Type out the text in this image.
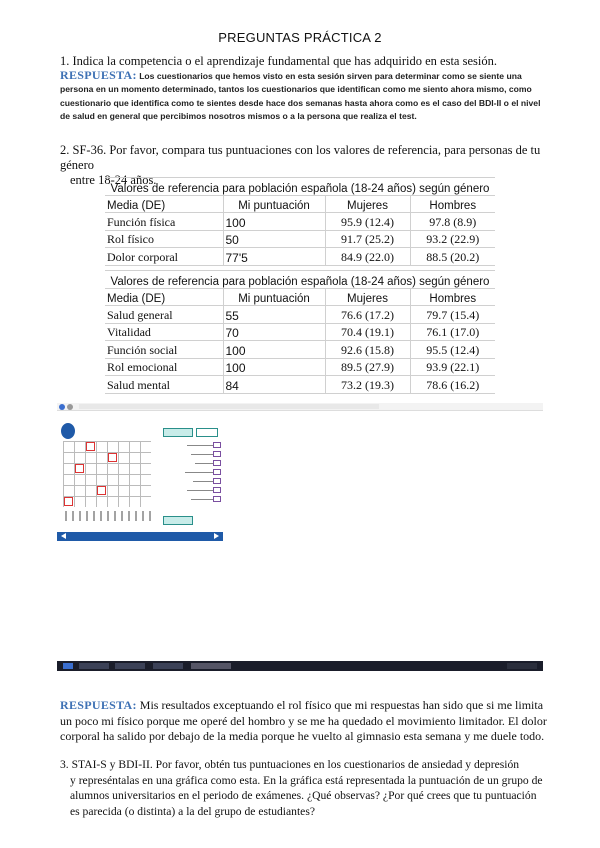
PREGUNTAS PRÁCTICA 2
1. Indica la competencia o el aprendizaje fundamental que has adquirido en esta sesión.
RESPUESTA: Los cuestionarios que hemos visto en esta sesión sirven para determinar como se siente una persona en un momento determinado, tantos los cuestionarios que identifican como me siento ahora mismo, como cuestionario que identifica como te sientes desde hace dos semanas hasta ahora como es el caso del BDI-II o el nivel de salud en general que percibimos nosotros mismos o a la persona que realiza el test.
2. SF-36. Por favor, compara tus puntuaciones con los valores de referencia, para personas de tu género
entre 18-24 años.
Valores de referencia para población española (18-24 años) según género			
Media (DE)	Mi puntuación	Mujeres	Hombres
Función física	100	95.9 (12.4)	97.8 (8.9)
Rol físico	50	91.7 (25.2)	93.2 (22.9)
Dolor corporal	77'5	84.9 (22.0)	88.5 (20.2)
Valores de referencia para población española (18-24 años) según género			
Media (DE)	Mi puntuación	Mujeres	Hombres
Salud general	55	76.6 (17.2)	79.7 (15.4)
Vitalidad	70	70.4 (19.1)	76.1 (17.0)
Función social	100	92.6 (15.8)	95.5 (12.4)
Rol emocional	100	89.5 (27.9)	93.9 (22.1)
Salud mental	84	73.2 (19.3)	78.6 (16.2)
RESPUESTA: Mis resultados exceptuando el rol físico que mi respuestas han sido que si me limita un poco mi físico porque me operé del hombro y se me ha quedado el movimiento limitador. El dolor corporal ha salido por debajo de la media porque he vuelto al gimnasio esta semana y me duele todo.
3. STAI-S y BDI-II. Por favor, obtén tus puntuaciones en los cuestionarios de ansiedad y depresión
y represéntalas en una gráfica como esta. En la gráfica está representada la puntuación de un grupo de alumnos universitarios en el periodo de exámenes. ¿Qué observas? ¿Por qué crees que tu puntuación es parecida (o distinta) a la del grupo de estudiantes?
